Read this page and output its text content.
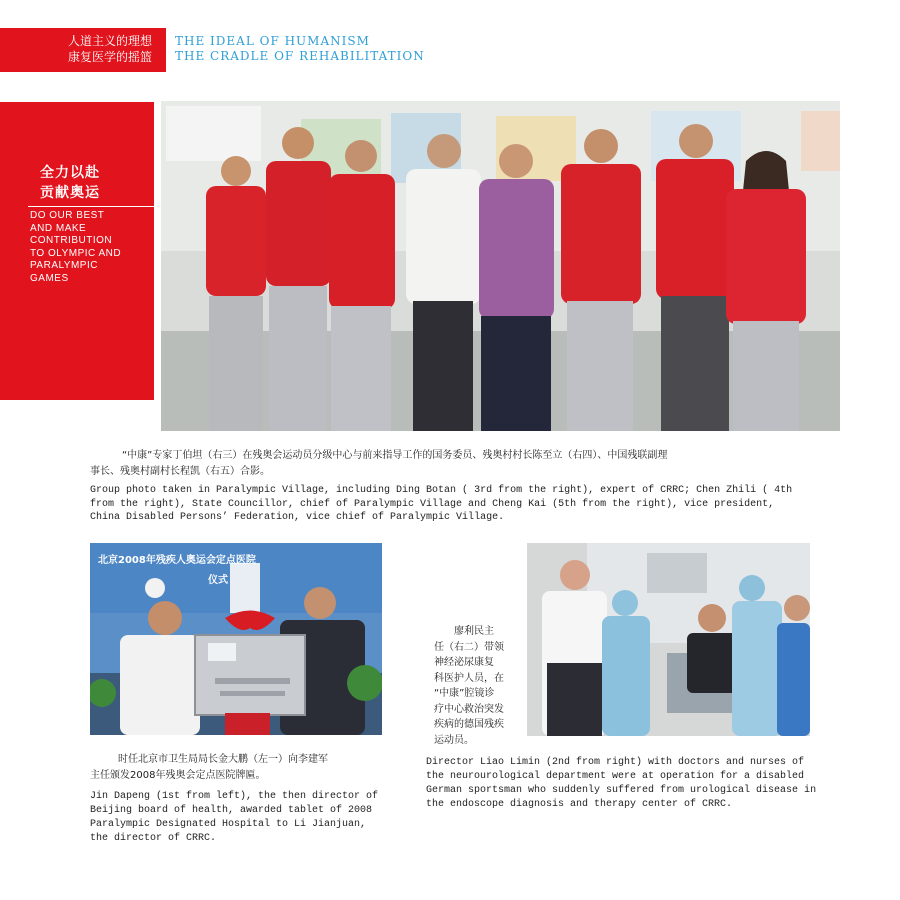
人道主义的理想
康复医学的摇篮
THE IDEAL OF HUMANISM
THE CRADLE OF REHABILITATION
全力以赴
贡献奥运
DO OUR BEST
AND MAKE
CONTRIBUTION
TO OLYMPIC AND
PARALYMPIC
GAMES
“中康”专家丁伯坦（右三）在残奥会运动员分级中心与前来指导工作的国务委员、残奥村村长陈至立（右四）、中国残联副理
事长、残奥村副村长程凯（右五）合影。
Group photo taken in Paralympic Village, including Ding Botan ( 3rd from the right), expert of CRRC; Chen Zhili ( 4th
from the right), State Councillor, chief of Paralympic Village and Cheng Kai (5th from the right), vice president,
China Disabled Persons’ Federation, vice chief of Paralympic Village.
北京2008年残疾人奥运会定点医院
仪式
时任北京市卫生局局长金大鹏（左一）向李建军
主任颁发2008年残奥会定点医院牌匾。
Jin Dapeng (1st from left), the then director of
Beijing board of health, awarded tablet of 2008
Paralympic Designated Hospital to Li Jianjuan,
the director of CRRC.
廖利民主
任（右二）带领
神经泌尿康复
科医护人员，在
“中康”腔镜诊
疗中心救治突发
疾病的德国残疾
运动员。
Director Liao Limin (2nd from right) with doctors and nurses of
the neurourological department were at operation for a disabled
German sportsman who suddenly suffered from urological disease in
the endoscope diagnosis and therapy center of CRRC.
